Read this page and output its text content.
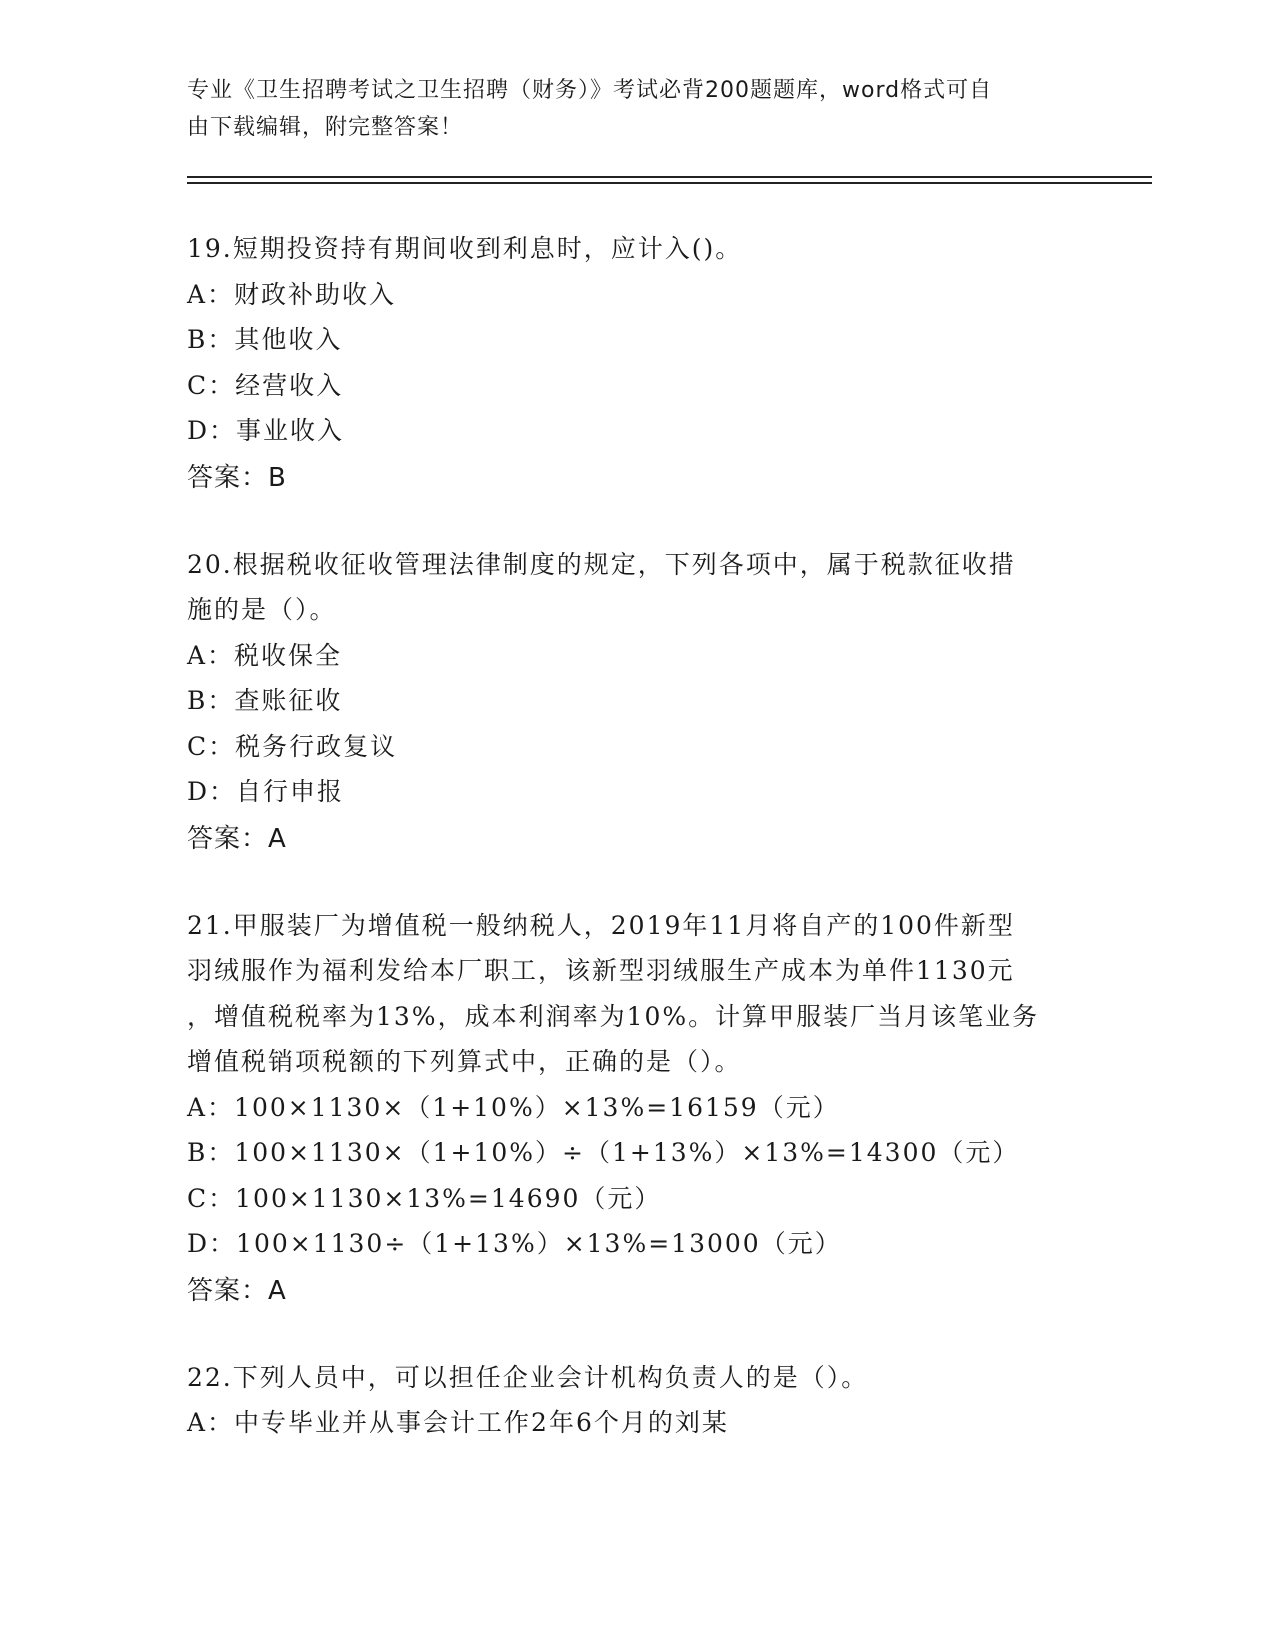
专业《卫生招聘考试之卫生招聘（财务）》考试必背200题题库，word格式可自
由下载编辑，附完整答案！
19.短期投资持有期间收到利息时，应计入()。
A：财政补助收入
B：其他收入
C：经营收入
D：事业收入
答案：B
20.根据税收征收管理法律制度的规定，下列各项中，属于税款征收措
施的是（）。
A：税收保全
B：查账征收
C：税务行政复议
D：自行申报
答案：A
21.甲服装厂为增值税一般纳税人，2019年11月将自产的100件新型
羽绒服作为福利发给本厂职工，该新型羽绒服生产成本为单件1130元
，增值税税率为13%，成本利润率为10%。计算甲服装厂当月该笔业务
增值税销项税额的下列算式中，正确的是（）。
A：100×1130×（1+10%）×13%=16159（元）
B：100×1130×（1+10%）÷（1+13%）×13%=14300（元）
C：100×1130×13%=14690（元）
D：100×1130÷（1+13%）×13%=13000（元）
答案：A
22.下列人员中，可以担任企业会计机构负责人的是（）。
A：中专毕业并从事会计工作2年6个月的刘某
